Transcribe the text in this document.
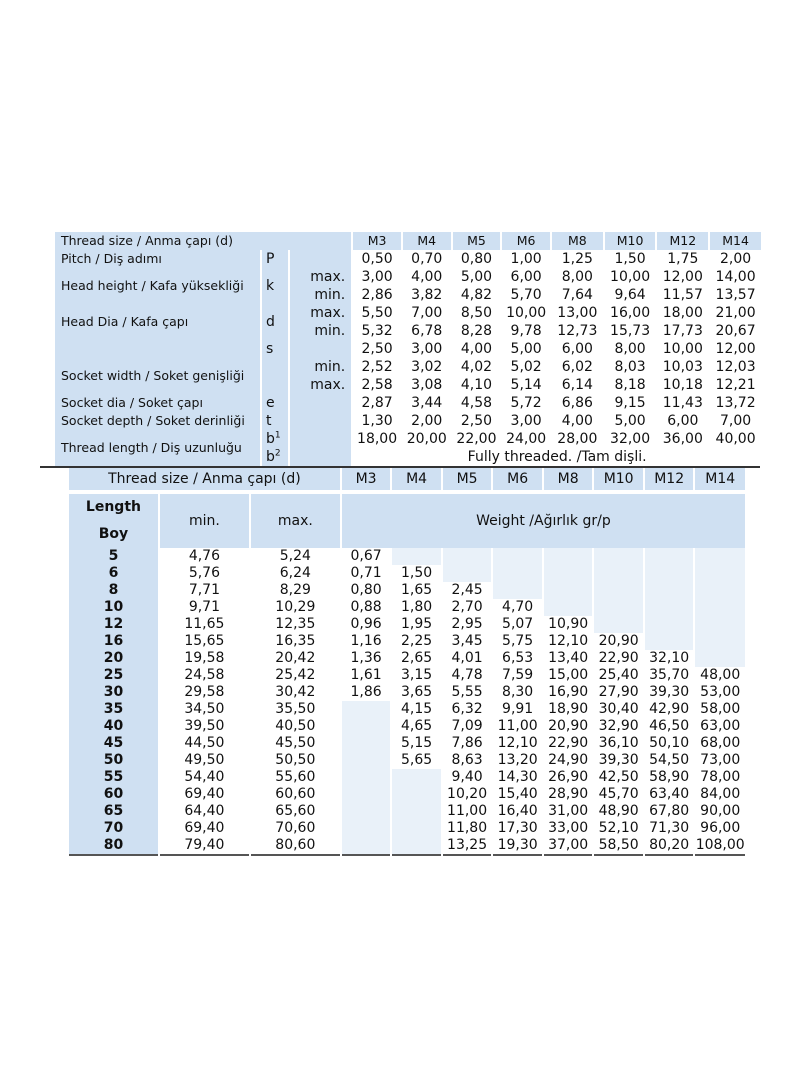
Thread size / Anma çapı (d)			M3	M4	M5	M6	M8	M10	M12	M14
Pitch / Diş adımı	P		0,50	0,70	0,80	1,00	1,25	1,50	1,75	2,00
Head height / Kafa yüksekliği	k	max.	3,00	4,00	5,00	6,00	8,00	10,00	12,00	14,00
		min.	2,86	3,82	4,82	5,70	7,64	9,64	11,57	13,57
Head Dia / Kafa çapı	d	max.	5,50	7,00	8,50	10,00	13,00	16,00	18,00	21,00
		min.	5,32	6,78	8,28	9,78	12,73	15,73	17,73	20,67
	s		2,50	3,00	4,00	5,00	6,00	8,00	10,00	12,00
Socket width / Soket genişliği		min.	2,52	3,02	4,02	5,02	6,02	8,03	10,03	12,03
		max.	2,58	3,08	4,10	5,14	6,14	8,18	10,18	12,21
Socket dia / Soket çapı	e		2,87	3,44	4,58	5,72	6,86	9,15	11,43	13,72
Socket depth / Soket derinliği	t		1,30	2,00	2,50	3,00	4,00	5,00	6,00	7,00
Thread length / Diş uzunluğu	$b^1$		18,00	20,00	22,00	24,00	28,00	32,00	36,00	40,00
	$b^2$		Fully threaded. /Tam dişli.							
Thread size / Anma çapı (d)			M3	M4	M5	M6	M8	M10	M12	M14

Length
Boy	min.	max.	Weight /Ağırlık gr/p							
5	4,76	5,24	0,67							
6	5,76	6,24	0,71	1,50						
8	7,71	8,29	0,80	1,65	2,45					
10	9,71	10,29	0,88	1,80	2,70	4,70				
12	11,65	12,35	0,96	1,95	2,95	5,07	10,90			
16	15,65	16,35	1,16	2,25	3,45	5,75	12,10	20,90		
20	19,58	20,42	1,36	2,65	4,01	6,53	13,40	22,90	32,10	
25	24,58	25,42	1,61	3,15	4,78	7,59	15,00	25,40	35,70	48,00
30	29,58	30,42	1,86	3,65	5,55	8,30	16,90	27,90	39,30	53,00
35	34,50	35,50		4,15	6,32	9,91	18,90	30,40	42,90	58,00
40	39,50	40,50		4,65	7,09	11,00	20,90	32,90	46,50	63,00
45	44,50	45,50		5,15	7,86	12,10	22,90	36,10	50,10	68,00
50	49,50	50,50		5,65	8,63	13,20	24,90	39,30	54,50	73,00
55	54,40	55,60			9,40	14,30	26,90	42,50	58,90	78,00
60	69,40	60,60			10,20	15,40	28,90	45,70	63,40	84,00
65	64,40	65,60			11,00	16,40	31,00	48,90	67,80	90,00
70	69,40	70,60			11,80	17,30	33,00	52,10	71,30	96,00
80	79,40	80,60			13,25	19,30	37,00	58,50	80,20	108,00
